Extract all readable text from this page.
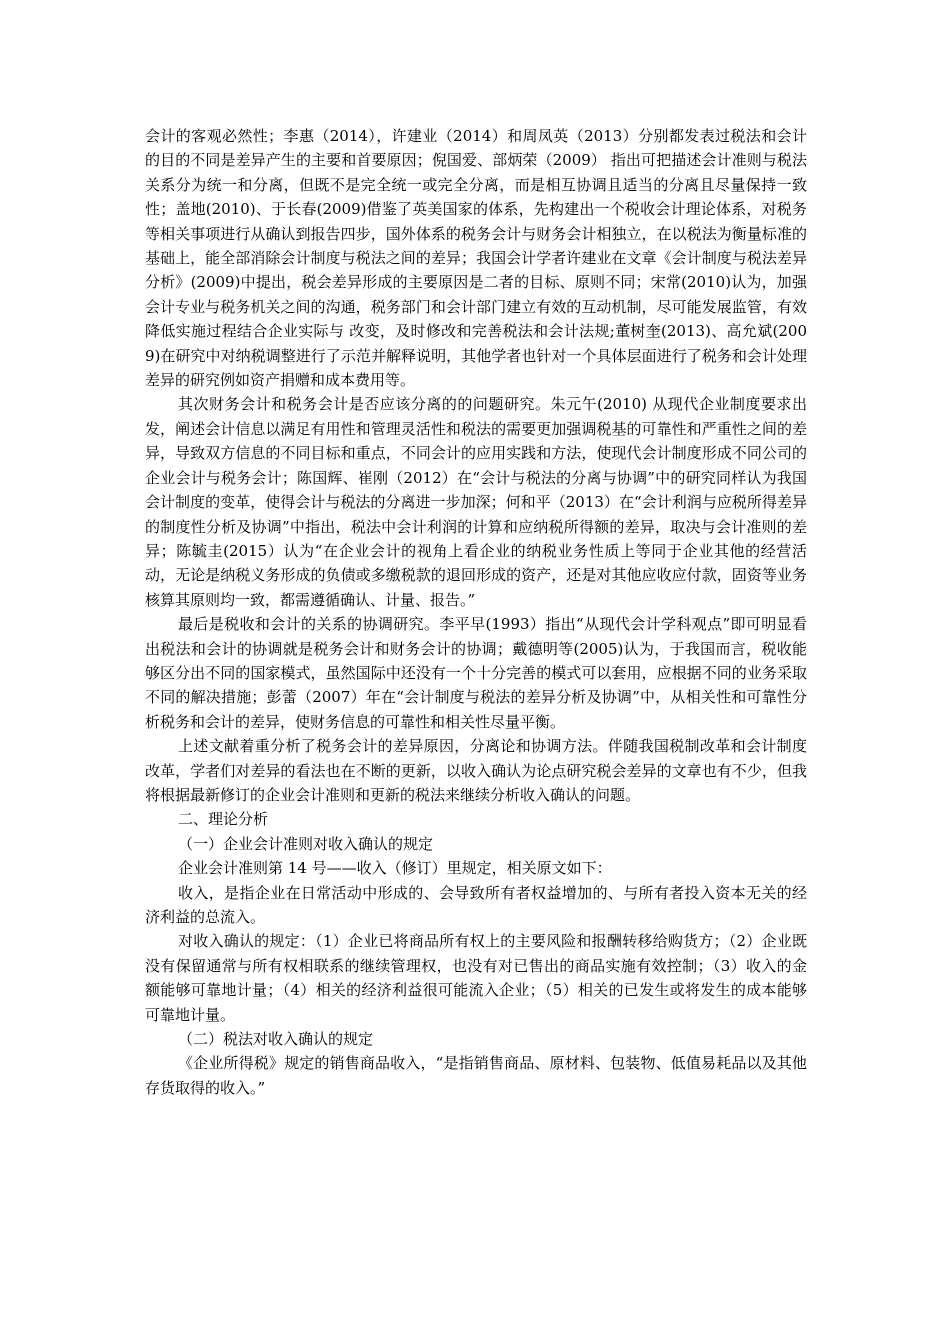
会计的客观必然性；李惠（2014），许建业（2014）和周凤英（2013）分别都发表过税法和会计的目的不同是差异产生的主要和首要原因；倪国爱、部炳荣（2009） 指出可把描述会计准则与税法关系分为统一和分离，但既不是完全统一或完全分离，而是相互协调且适当的分离且尽量保持一致性；盖地(2010)、于长春(2009)借鉴了英美国家的体系，先构建出一个税收会计理论体系，对税务等相关事项进行从确认到报告四步，国外体系的税务会计与财务会计相独立，在以税法为衡量标准的基础上，能全部消除会计制度与税法之间的差异；我国会计学者许建业在文章《会计制度与税法差异分析》(2009)中提出，税会差异形成的主要原因是二者的目标、原则不同；宋常(2010)认为，加强会计专业与税务机关之间的沟通，税务部门和会计部门建立有效的互动机制，尽可能发展监管，有效降低实施过程结合企业实际与 改变，及时修改和完善税法和会计法规;董树奎(2013)、高允斌(2009)在研究中对纳税调整进行了示范并解释说明，其他学者也针对一个具体层面进行了税务和会计处理差异的研究例如资产捐赠和成本费用等。

其次财务会计和税务会计是否应该分离的的问题研究。朱元午(2010) 从现代企业制度要求出发，阐述会计信息以满足有用性和管理灵活性和税法的需要更加强调税基的可靠性和严重性之间的差异，导致双方信息的不同目标和重点，不同会计的应用实践和方法，使现代会计制度形成不同公司的企业会计与税务会计；陈国辉、崔刚（2012）在“会计与税法的分离与协调”中的研究同样认为我国会计制度的变革，使得会计与税法的分离进一步加深；何和平（2013）在“会计利润与应税所得差异的制度性分析及协调”中指出，税法中会计利润的计算和应纳税所得额的差异，取决与会计准则的差异；陈毓圭(2015）认为“在企业会计的视角上看企业的纳税业务性质上等同于企业其他的经营活动，无论是纳税义务形成的负债或多缴税款的退回形成的资产，还是对其他应收应付款，固资等业务核算其原则均一致，都需遵循确认、计量、报告。”

最后是税收和会计的关系的协调研究。李平早(1993）指出“从现代会计学科观点”即可明显看出税法和会计的协调就是税务会计和财务会计的协调；戴德明等(2005)认为，于我国而言，税收能够区分出不同的国家模式，虽然国际中还没有一个十分完善的模式可以套用，应根据不同的业务采取不同的解决措施；彭蕾（2007）年在“会计制度与税法的差异分析及协调”中，从相关性和可靠性分析税务和会计的差异，使财务信息的可靠性和相关性尽量平衡。

上述文献着重分析了税务会计的差异原因，分离论和协调方法。伴随我国税制改革和会计制度改革，学者们对差异的看法也在不断的更新，以收入确认为论点研究税会差异的文章也有不少，但我将根据最新修订的企业会计准则和更新的税法来继续分析收入确认的问题。

二、理论分析

（一）企业会计准则对收入确认的规定

企业会计准则第 14 号——收入（修订）里规定，相关原文如下：

收入，是指企业在日常活动中形成的、会导致所有者权益增加的、与所有者投入资本无关的经济利益的总流入。

对收入确认的规定：（1）企业已将商品所有权上的主要风险和报酬转移给购货方；（2）企业既没有保留通常与所有权相联系的继续管理权，也没有对已售出的商品实施有效控制；（3）收入的金额能够可靠地计量；（4）相关的经济利益很可能流入企业；（5）相关的已发生或将发生的成本能够可靠地计量。

（二）税法对收入确认的规定

《企业所得税》规定的销售商品收入，“是指销售商品、原材料、包装物、低值易耗品以及其他存货取得的收入。”
